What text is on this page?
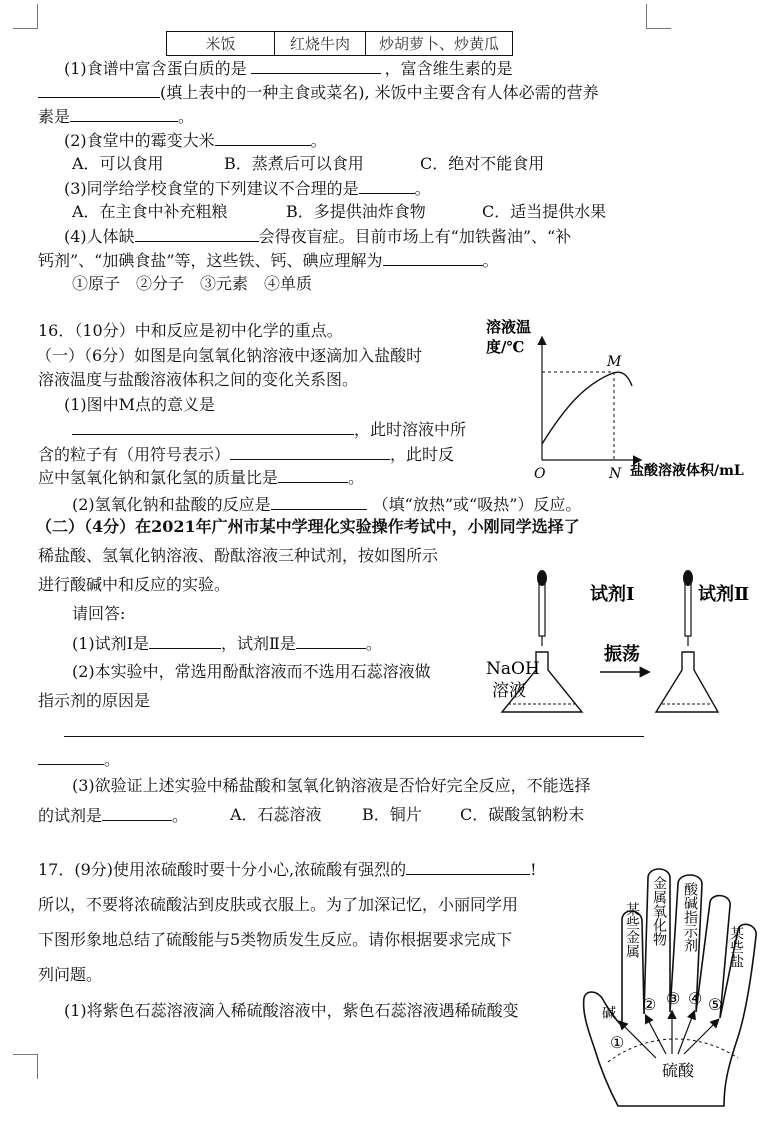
米饭	红烧牛肉	炒胡萝卜、炒黄瓜
(1)食谱中富含蛋白质的是	，富含维生素的是
(填上表中的一种主食或菜名), 米饭中主要含有人体必需的营养
素是	。
(2)食堂中的霉变大米	。
A．可以食用	B．蒸煮后可以食用	C．绝对不能食用
(3)同学给学校食堂的下列建议不合理的是	。
A．在主食中补充粗粮	B．多提供油炸食物	C．适当提供水果
(4)人体缺	会得夜盲症。目前市场上有“加铁酱油”、“补
钙剂”、“加碘食盐”等，这些铁、钙、碘应理解为	。
①原子　②分子　③元素　④单质
16．（10分）中和反应是初中化学的重点。
（一）（6分）如图是向氢氧化钠溶液中逐滴加入盐酸时
溶液温度与盐酸溶液体积之间的变化关系图。
(1)图中M点的意义是
，此时溶液中所
含的粒子有（用符号表示）	，此时反
应中氢氧化钠和氯化氢的质量比是	。
(2)氢氧化钠和盐酸的反应是	（填“放热”或“吸热”）反应。
溶液温
度/℃
M
O	N 盐酸溶液体积/mL
（二）（4分）在2021年广州市某中学理化实验操作考试中，小刚同学选择了
稀盐酸、氢氧化钠溶液、酚酞溶液三种试剂，按如图所示
进行酸碱中和反应的实验。
请回答:
(1)试剂Ⅰ是	，试剂Ⅱ是	。
(2)本实验中，常选用酚酞溶液而不选用石蕊溶液做
指示剂的原因是
。
(3)欲验证上述实验中稀盐酸和氢氧化钠溶液是否恰好完全反应，不能选择
的试剂是	。	A．石蕊溶液	B．铜片 C．碳酸氢钠粉末
试剂Ⅰ
NaOH
溶液
振荡
试剂Ⅱ
17．(9分)使用浓硫酸时要十分小心,浓硫酸有强烈的	!
所以，不要将浓硫酸沾到皮肤或衣服上。为了加深记忆，小丽同学用
下图形象地总结了硫酸能与5类物质发生反应。请你根据要求完成下
列问题。
(1)将紫色石蕊溶液滴入稀硫酸溶液中，紫色石蕊溶液遇稀硫酸变
某些金属 金属氧化物 酸碱指示剂 某些盐
碱
硫酸
①
② ③ ④ ⑤
